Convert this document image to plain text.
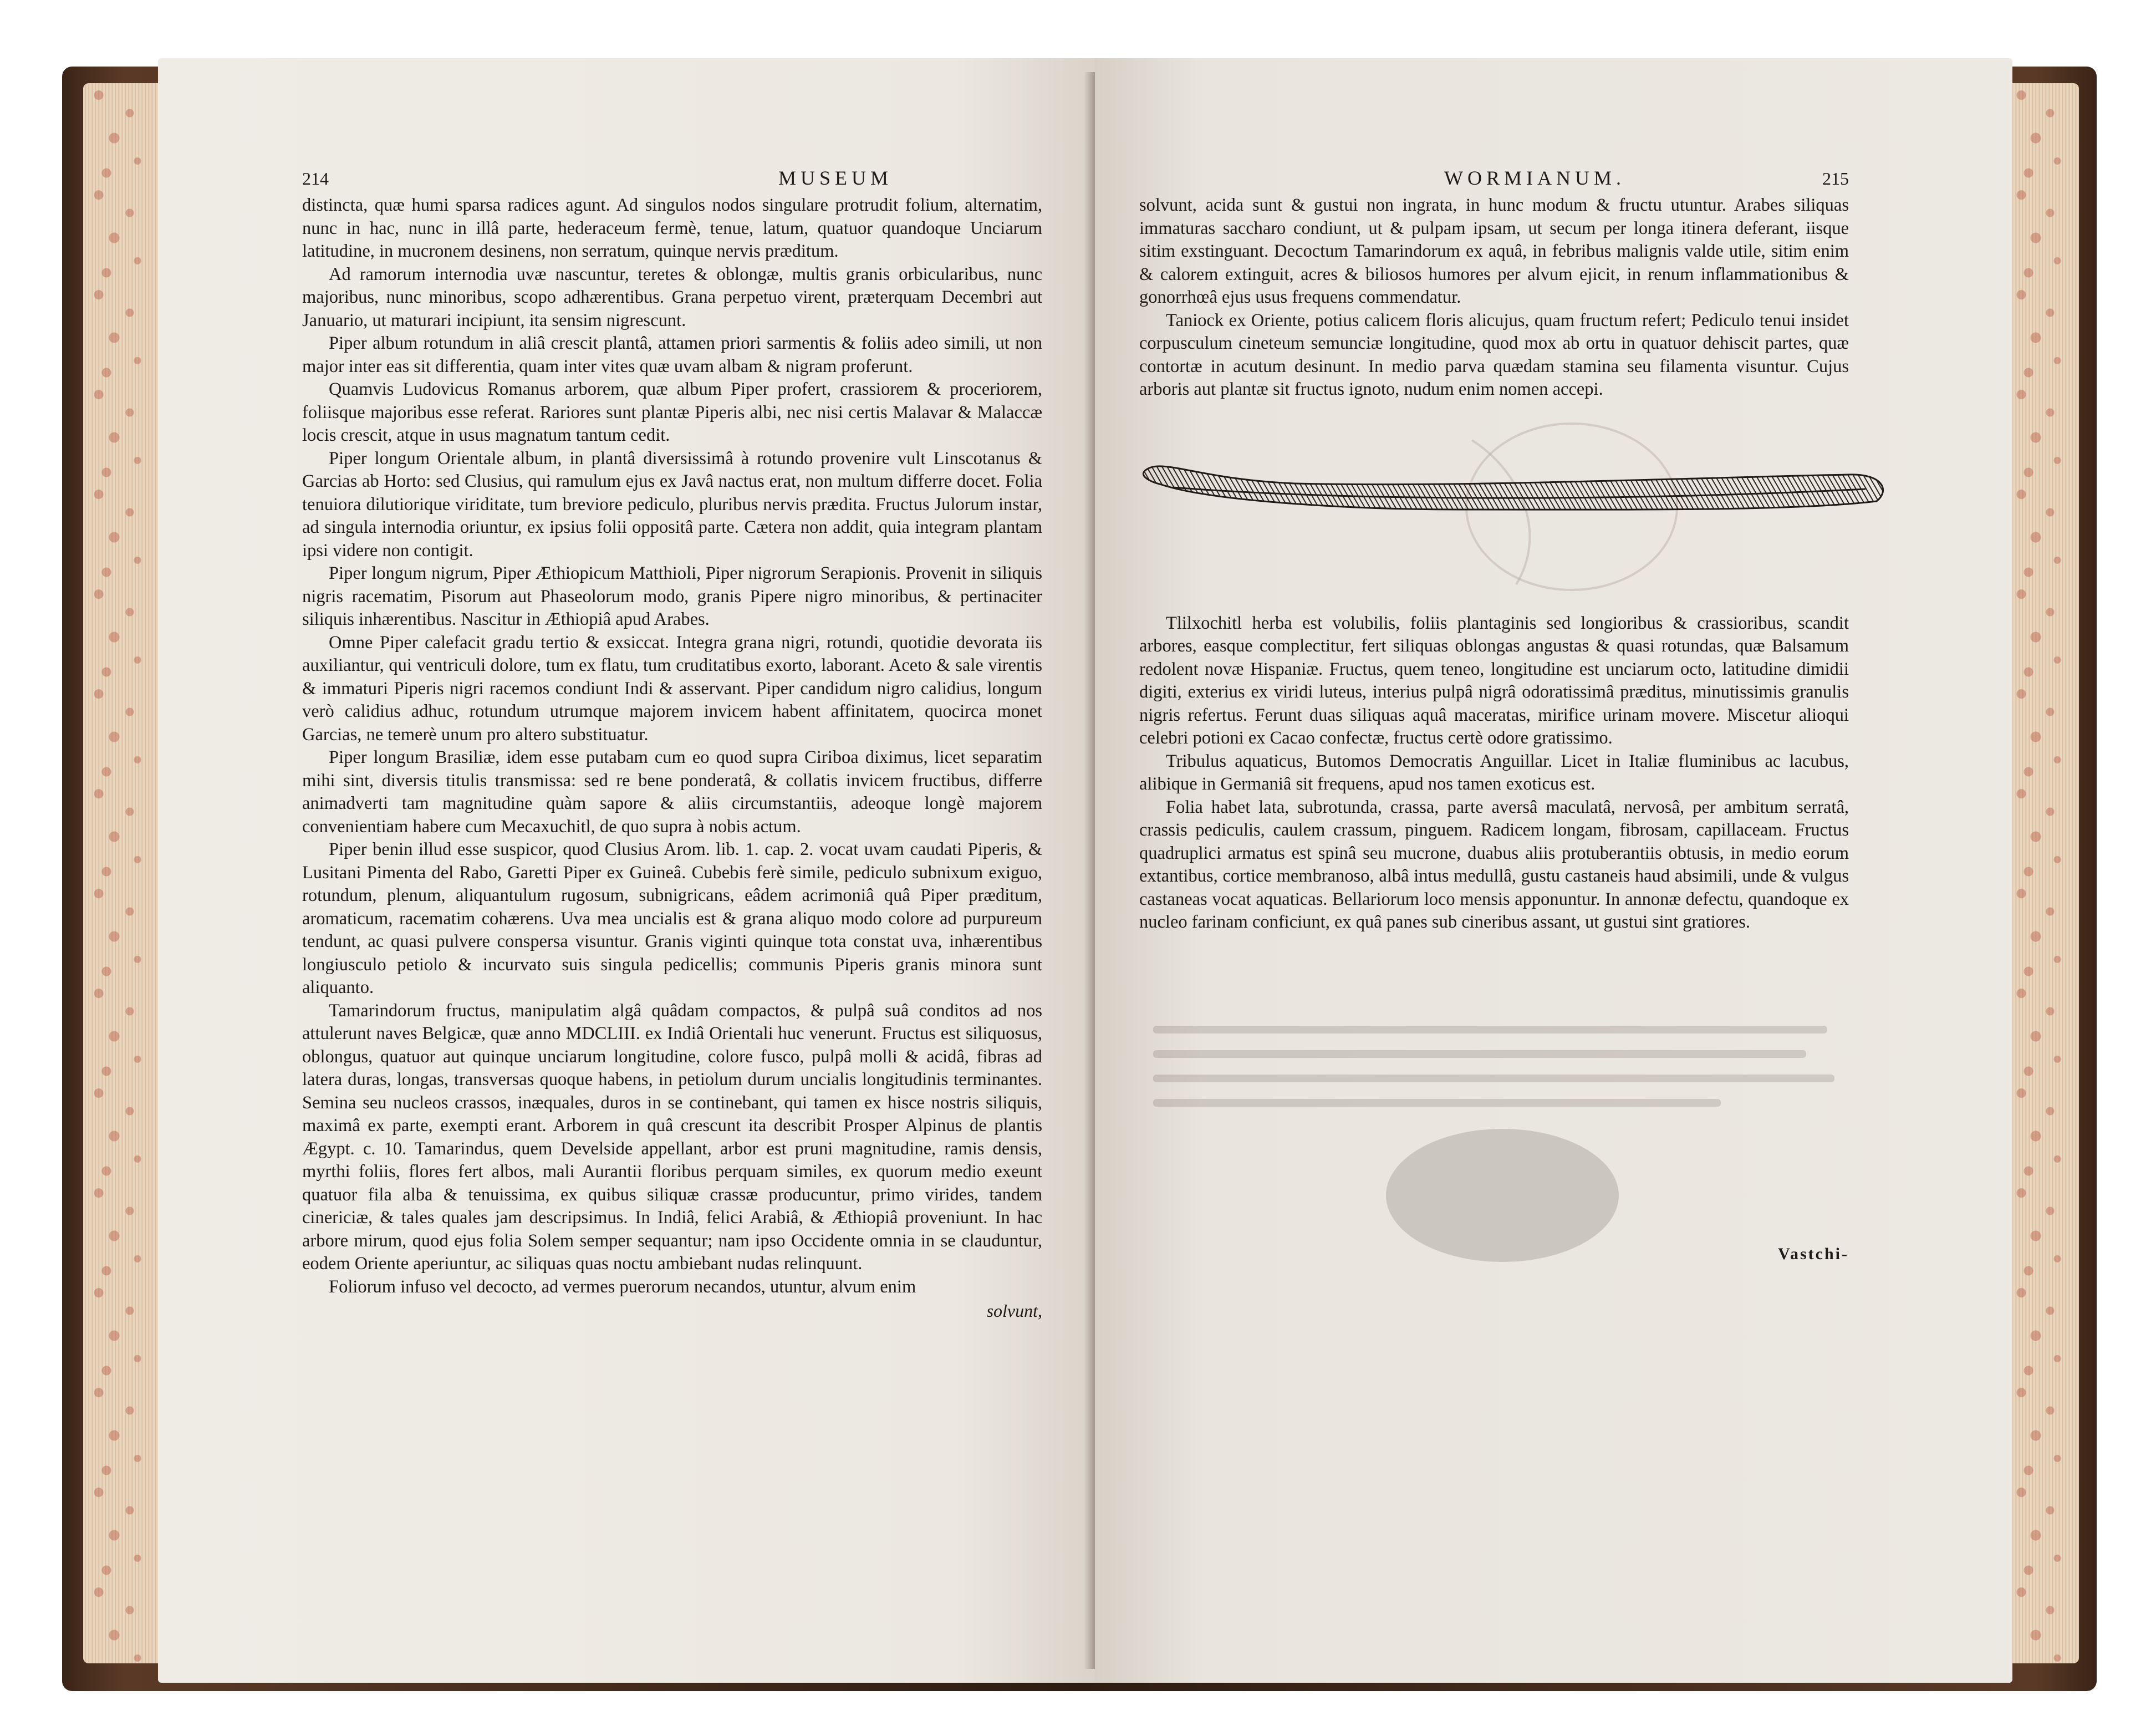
214	MUSEUM

distincta, quæ humi sparsa radices agunt. Ad singulos nodos singulare protrudit folium, alternatim, nunc in hac, nunc in illâ parte, hederaceum fermè, tenue, latum, quatuor quandoque Unciarum latitudine, in mucronem desinens, non serratum, quinque nervis præditum.

Ad ramorum internodia uvæ nascuntur, teretes & oblongæ, multis granis orbicularibus, nunc majoribus, nunc minoribus, scopo adhærentibus. Grana perpetuo virent, præterquam Decembri aut Januario, ut maturari incipiunt, ita sensim nigrescunt.

Piper album rotundum in aliâ crescit plantâ, attamen priori sarmentis & foliis adeo simili, ut non major inter eas sit differentia, quam inter vites quæ uvam albam & nigram proferunt.

Quamvis Ludovicus Romanus arborem, quæ album Piper profert, crassiorem & proceriorem, foliisque majoribus esse referat. Rariores sunt plantæ Piperis albi, nec nisi certis Malavar & Malaccæ locis crescit, atque in usus magnatum tantum cedit.

Piper longum Orientale album, in plantâ diversissimâ à rotundo provenire vult Linscotanus & Garcias ab Horto: sed Clusius, qui ramulum ejus ex Javâ nactus erat, non multum differre docet. Folia tenuiora dilutiorique viriditate, tum breviore pediculo, pluribus nervis prædita. Fructus Julorum instar, ad singula internodia oriuntur, ex ipsius folii oppositâ parte. Cætera non addit, quia integram plantam ipsi videre non contigit.

Piper longum nigrum, Piper Æthiopicum Matthioli, Piper nigrorum Serapionis. Provenit in siliquis nigris racematim, Pisorum aut Phaseolorum modo, granis Pipere nigro minoribus, & pertinaciter siliquis inhærentibus. Nascitur in Æthiopiâ apud Arabes.

Omne Piper calefacit gradu tertio & exsiccat. Integra grana nigri, rotundi, quotidie devorata iis auxiliantur, qui ventriculi dolore, tum ex flatu, tum cruditatibus exorto, laborant. Aceto & sale virentis & immaturi Piperis nigri racemos condiunt Indi & asservant. Piper candidum nigro calidius, longum verò calidius adhuc, rotundum utrumque majorem invicem habent affinitatem, quocirca monet Garcias, ne temerè unum pro altero substituatur.

Piper longum Brasiliæ, idem esse putabam cum eo quod supra Ciriboa diximus, licet separatim mihi sint, diversis titulis transmissa: sed re bene ponderatâ, & collatis invicem fructibus, differre animadverti tam magnitudine quàm sapore & aliis circumstantiis, adeoque longè majorem convenientiam habere cum Mecaxuchitl, de quo supra à nobis actum.

Piper benin illud esse suspicor, quod Clusius Arom. lib. 1. cap. 2. vocat uvam caudati Piperis, & Lusitani Pimenta del Rabo, Garetti Piper ex Guineâ. Cubebis ferè simile, pediculo subnixum exiguo, rotundum, plenum, aliquantulum rugosum, subnigricans, eâdem acrimoniâ quâ Piper præditum, aromaticum, racematim cohærens. Uva mea uncialis est & grana aliquo modo colore ad purpureum tendunt, ac quasi pulvere conspersa visuntur. Granis viginti quinque tota constat uva, inhærentibus longiusculo petiolo & incurvato suis singula pedicellis; communis Piperis granis minora sunt aliquanto.

Tamarindorum fructus, manipulatim algâ quâdam compactos, & pulpâ suâ conditos ad nos attulerunt naves Belgicæ, quæ anno MDCLIII. ex Indiâ Orientali huc venerunt. Fructus est siliquosus, oblongus, quatuor aut quinque unciarum longitudine, colore fusco, pulpâ molli & acidâ, fibras ad latera duras, longas, transversas quoque habens, in petiolum durum uncialis longitudinis terminantes. Semina seu nucleos crassos, inæquales, duros in se continebant, qui tamen ex hisce nostris siliquis, maximâ ex parte, exempti erant. Arborem in quâ crescunt ita describit Prosper Alpinus de plantis Ægypt. c. 10. Tamarindus, quem Develside appellant, arbor est pruni magnitudine, ramis densis, myrthi foliis, flores fert albos, mali Aurantii floribus perquam similes, ex quorum medio exeunt quatuor fila alba & tenuissima, ex quibus siliquæ crassæ producuntur, primo virides, tandem cinericiæ, & tales quales jam descripsimus. In Indiâ, felici Arabiâ, & Æthiopiâ proveniunt. In hac arbore mirum, quod ejus folia Solem semper sequantur; nam ipso Occidente omnia in se clauduntur, eodem Oriente aperiuntur, ac siliquas quas noctu ambiebant nudas relinquunt.

Foliorum infuso vel decocto, ad vermes puerorum necandos, utuntur, alvum enim

solvunt,
WORMIANUM.	215

solvunt, acida sunt & gustui non ingrata, in hunc modum & fructu utuntur. Arabes siliquas immaturas saccharo condiunt, ut & pulpam ipsam, ut secum per longa itinera deferant, iisque sitim exstinguant. Decoctum Tamarindorum ex aquâ, in febribus malignis valde utile, sitim enim & calorem extinguit, acres & biliosos humores per alvum ejicit, in renum inflammationibus & gonorrhœâ ejus usus frequens commendatur.

Taniock ex Oriente, potius calicem floris alicujus, quam fructum refert; Pediculo tenui insidet corpusculum cineteum semunciæ longitudine, quod mox ab ortu in quatuor dehiscit partes, quæ contortæ in acutum desinunt. In medio parva quædam stamina seu filamenta visuntur. Cujus arboris aut plantæ sit fructus ignoto, nudum enim nomen accepi.

Tlilxochitl herba est volubilis, foliis plantaginis sed longioribus & crassioribus, scandit arbores, easque complectitur, fert siliquas oblongas angustas & quasi rotundas, quæ Balsamum redolent novæ Hispaniæ. Fructus, quem teneo, longitudine est unciarum octo, latitudine dimidii digiti, exterius ex viridi luteus, interius pulpâ nigrâ odoratissimâ præditus, minutissimis granulis nigris refertus. Ferunt duas siliquas aquâ maceratas, mirifice urinam movere. Miscetur alioqui celebri potioni ex Cacao confectæ, fructus certè odore gratissimo.

Tribulus aquaticus, Butomos Democratis Anguillar. Licet in Italiæ fluminibus ac lacubus, alibique in Germaniâ sit frequens, apud nos tamen exoticus est.

Folia habet lata, subrotunda, crassa, parte aversâ maculatâ, nervosâ, per ambitum serratâ, crassis pediculis, caulem crassum, pinguem. Radicem longam, fibrosam, capillaceam. Fructus quadruplici armatus est spinâ seu mucrone, duabus aliis protuberantiis obtusis, in medio eorum extantibus, cortice membranoso, albâ intus medullâ, gustu castaneis haud absimili, unde & vulgus castaneas vocat aquaticas. Bellariorum loco mensis apponuntur. In annonæ defectu, quandoque ex nucleo farinam conficiunt, ex quâ panes sub cineribus assant, ut gustui sint gratiores.

Vastchi-
